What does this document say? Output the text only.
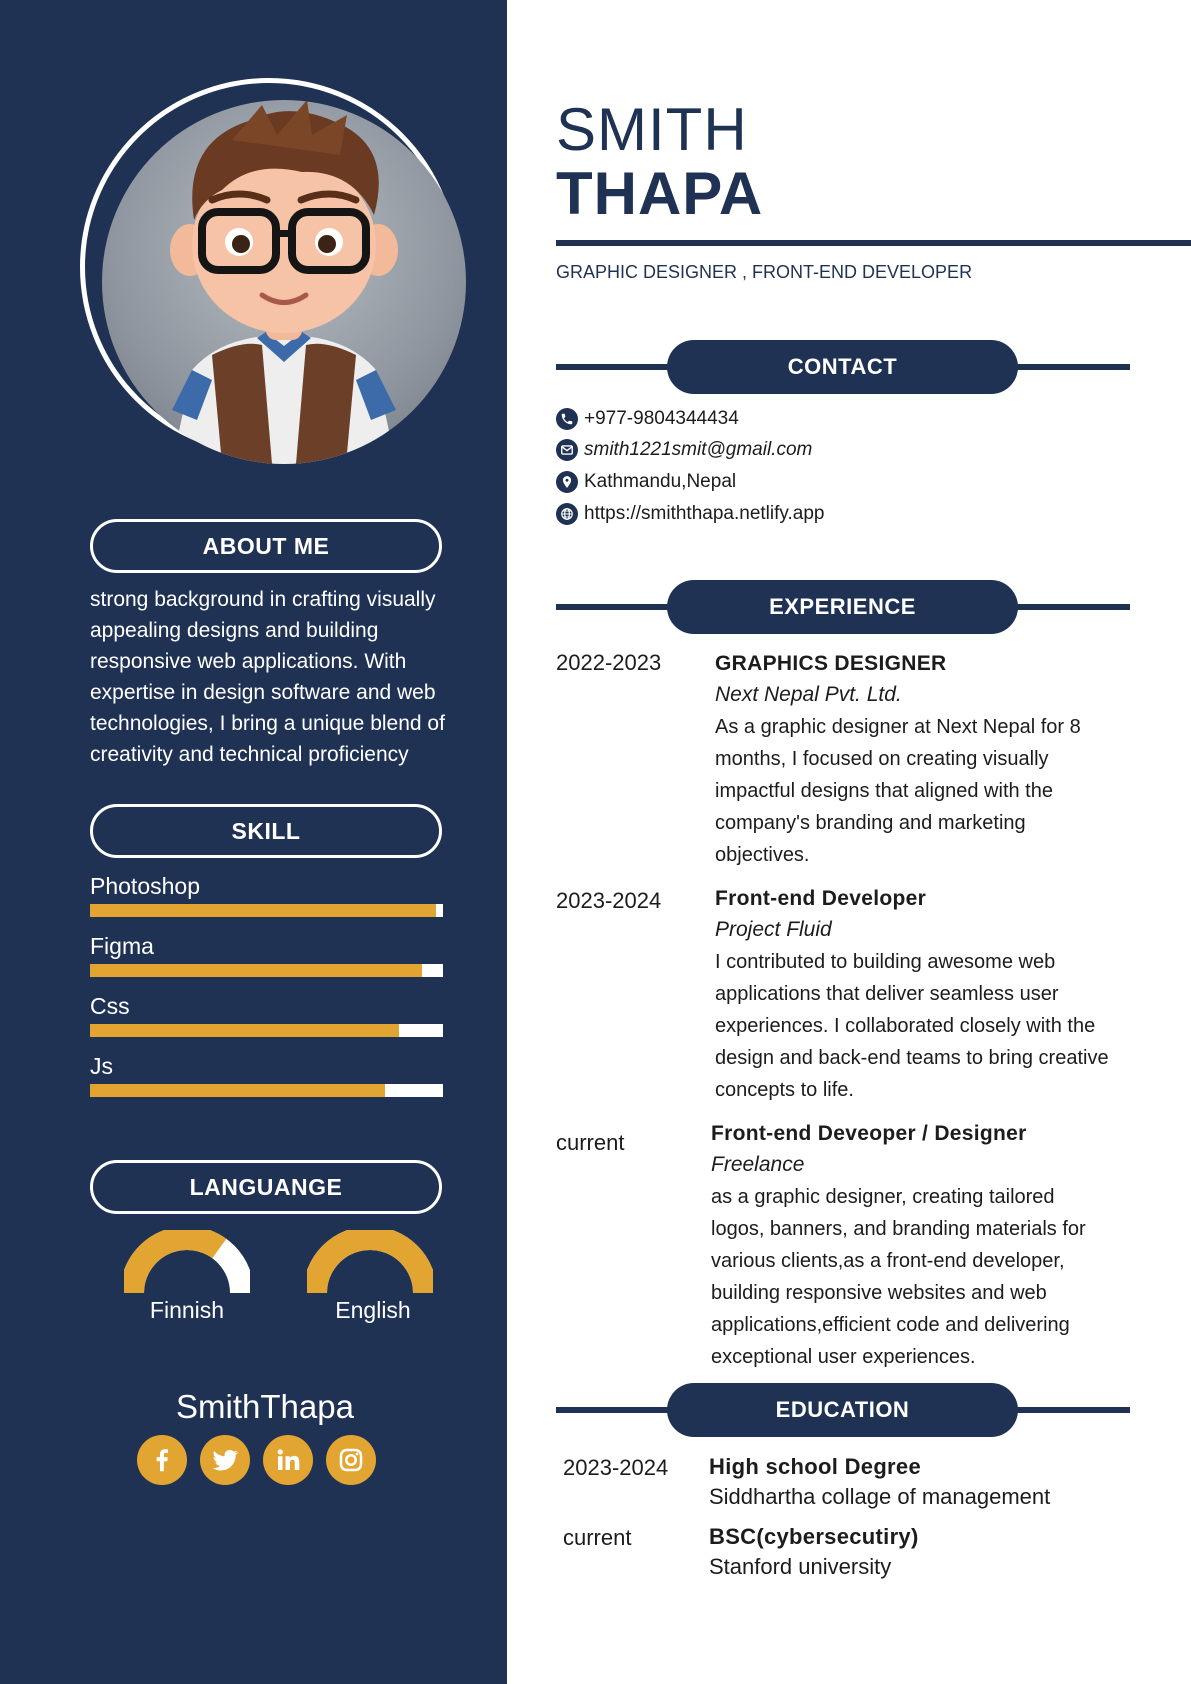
ABOUT ME
strong background in crafting visually appealing designs and building responsive web applications. With expertise in design software and web technologies, I bring a unique blend of creativity and technical proficiency
SKILL
Photoshop
Figma
Css
Js
LANGUANGE
Finnish	English
SmithThapa
SMITH
THAPA
GRAPHIC DESIGNER , FRONT-END DEVELOPER
CONTACT
+977-9804344434
smith1221smit@gmail.com
Kathmandu,Nepal
https://smiththapa.netlify.app
EXPERIENCE
2022-2023	GRAPHICS DESIGNER
Next Nepal Pvt. Ltd.
As a graphic designer at Next Nepal for 8
months, I focused on creating visually
impactful designs that aligned with the
company's branding and marketing
objectives.
2023-2024	Front-end Developer
Project Fluid
I contributed to building awesome web
applications that deliver seamless user
experiences. I collaborated closely with the
design and back-end teams to bring creative
concepts to life.
current	Front-end Deveoper / Designer
Freelance
as a graphic designer, creating tailored
logos, banners, and branding materials for
various clients,as a front-end developer,
building responsive websites and web
applications,efficient code and delivering
exceptional user experiences.
EDUCATION
2023-2024 High school Degree
Siddhartha collage of management
current	BSC(cybersecutiry)
Stanford university
